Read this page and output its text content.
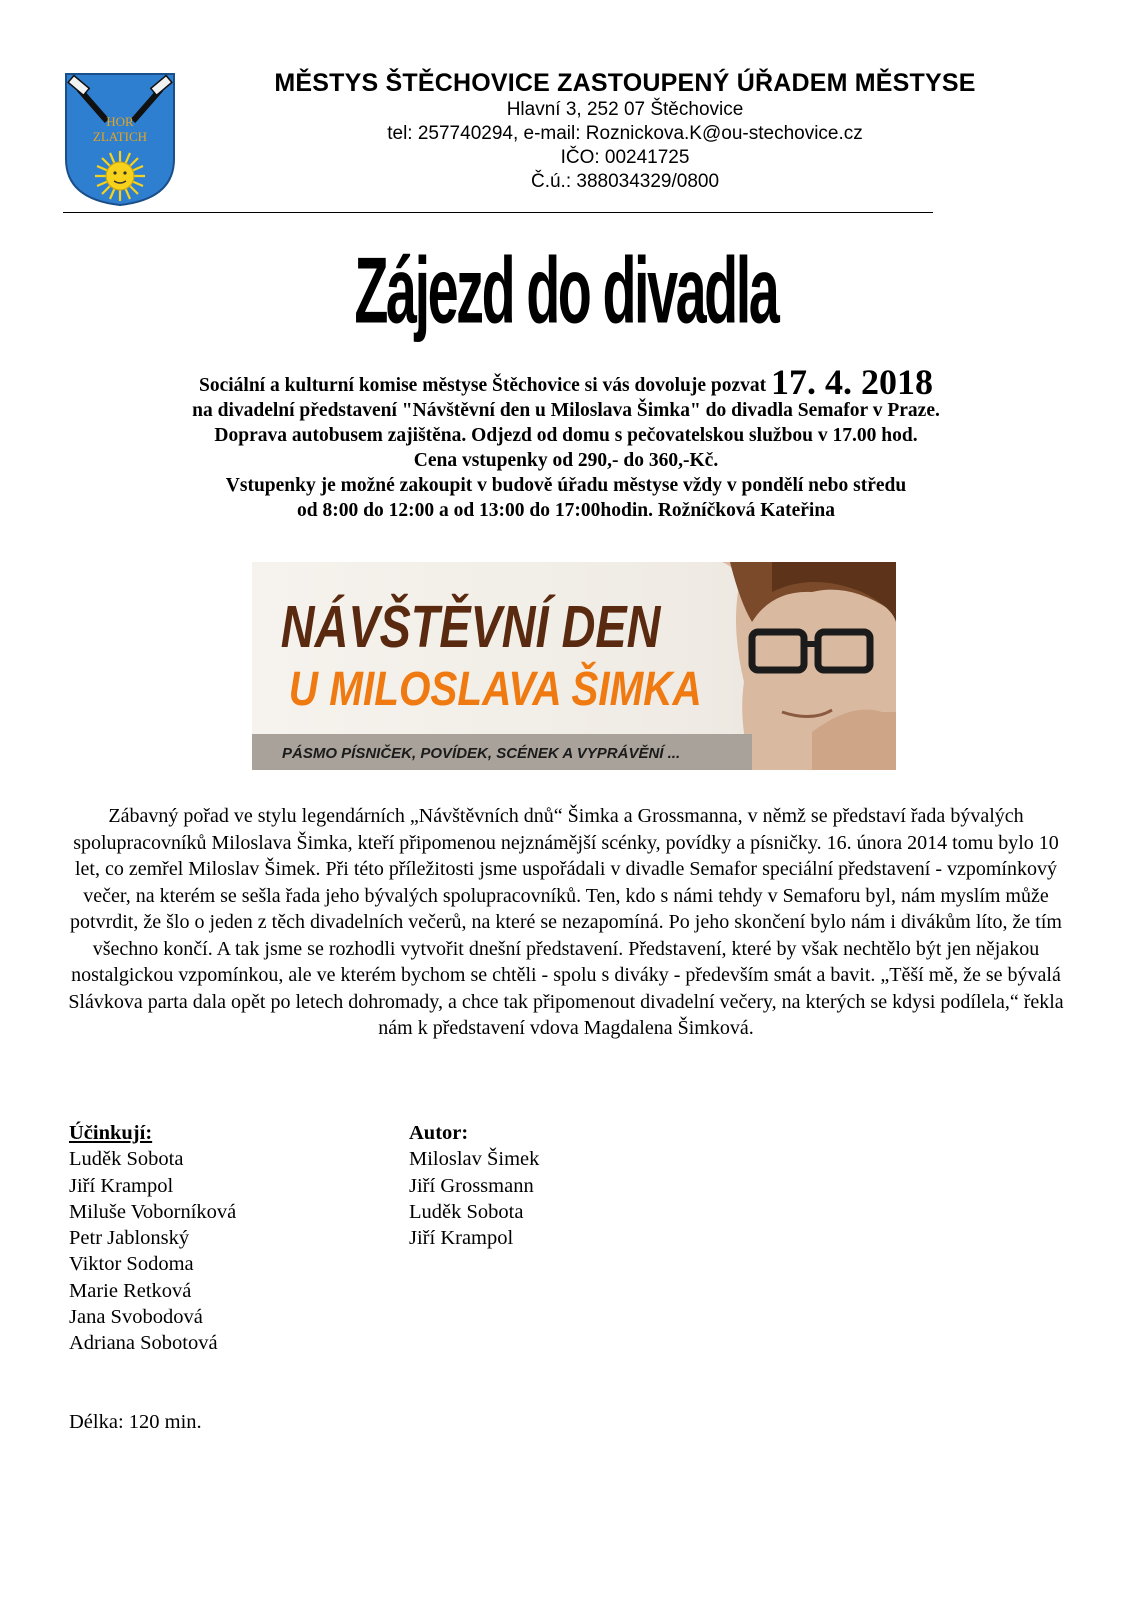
HOR
ZLATICH
MĚSTYS ŠTĚCHOVICE ZASTOUPENÝ ÚŘADEM MĚSTYSE
Hlavní 3, 252 07 Štěchovice
tel: 257740294, e-mail: Roznickova.K@ou-stechovice.cz
IČO: 00241725
Č.ú.: 388034329/0800
Zájezd do divadla
Sociální a kulturní komise městyse Štěchovice si vás dovoluje pozvat 17. 4. 2018
na divadelní představení "Návštěvní den u Miloslava Šimka" do divadla Semafor v Praze.
Doprava autobusem zajištěna. Odjezd od domu s pečovatelskou službou v 17.00 hod.
Cena vstupenky od 290,- do 360,-Kč.
Vstupenky je možné zakoupit v budově úřadu městyse vždy v pondělí nebo středu
od 8:00 do 12:00 a od 13:00 do 17:00hodin. Rožníčková Kateřina
NÁVŠTĚVNÍ DEN
U MILOSLAVA ŠIMKA
PÁSMO PÍSNIČEK, POVÍDEK, SCÉNEK A VYPRÁVĚNÍ ...
Zábavný pořad ve stylu legendárních „Návštěvních dnů“ Šimka a Grossmanna, v němž se představí řada bývalých spolupracovníků Miloslava Šimka, kteří připomenou nejznámější scénky, povídky a písničky. 16. února 2014 tomu bylo 10 let, co zemřel Miloslav Šimek. Při této příležitosti jsme uspořádali v divadle Semafor speciální představení - vzpomínkový večer, na kterém se sešla řada jeho bývalých spolupracovníků. Ten, kdo s námi tehdy v Semaforu byl, nám myslím může potvrdit, že šlo o jeden z těch divadelních večerů, na které se nezapomíná. Po jeho skončení bylo nám i divákům líto, že tím všechno končí. A tak jsme se rozhodli vytvořit dnešní představení. Představení, které by však nechtělo být jen nějakou nostalgickou vzpomínkou, ale ve kterém bychom se chtěli - spolu s diváky - především smát a bavit. „Těší mě, že se bývalá Slávkova parta dala opět po letech dohromady, a chce tak připomenout divadelní večery, na kterých se kdysi podílela,“ řekla nám k představení vdova Magdalena Šimková.
Účinkují:
Luděk Sobota
Jiří Krampol
Miluše Voborníková
Petr Jablonský
Viktor Sodoma
Marie Retková
Jana Svobodová
Adriana Sobotová
Autor:
Miloslav Šimek
Jiří Grossmann
Luděk Sobota
Jiří Krampol
Délka: 120 min.
